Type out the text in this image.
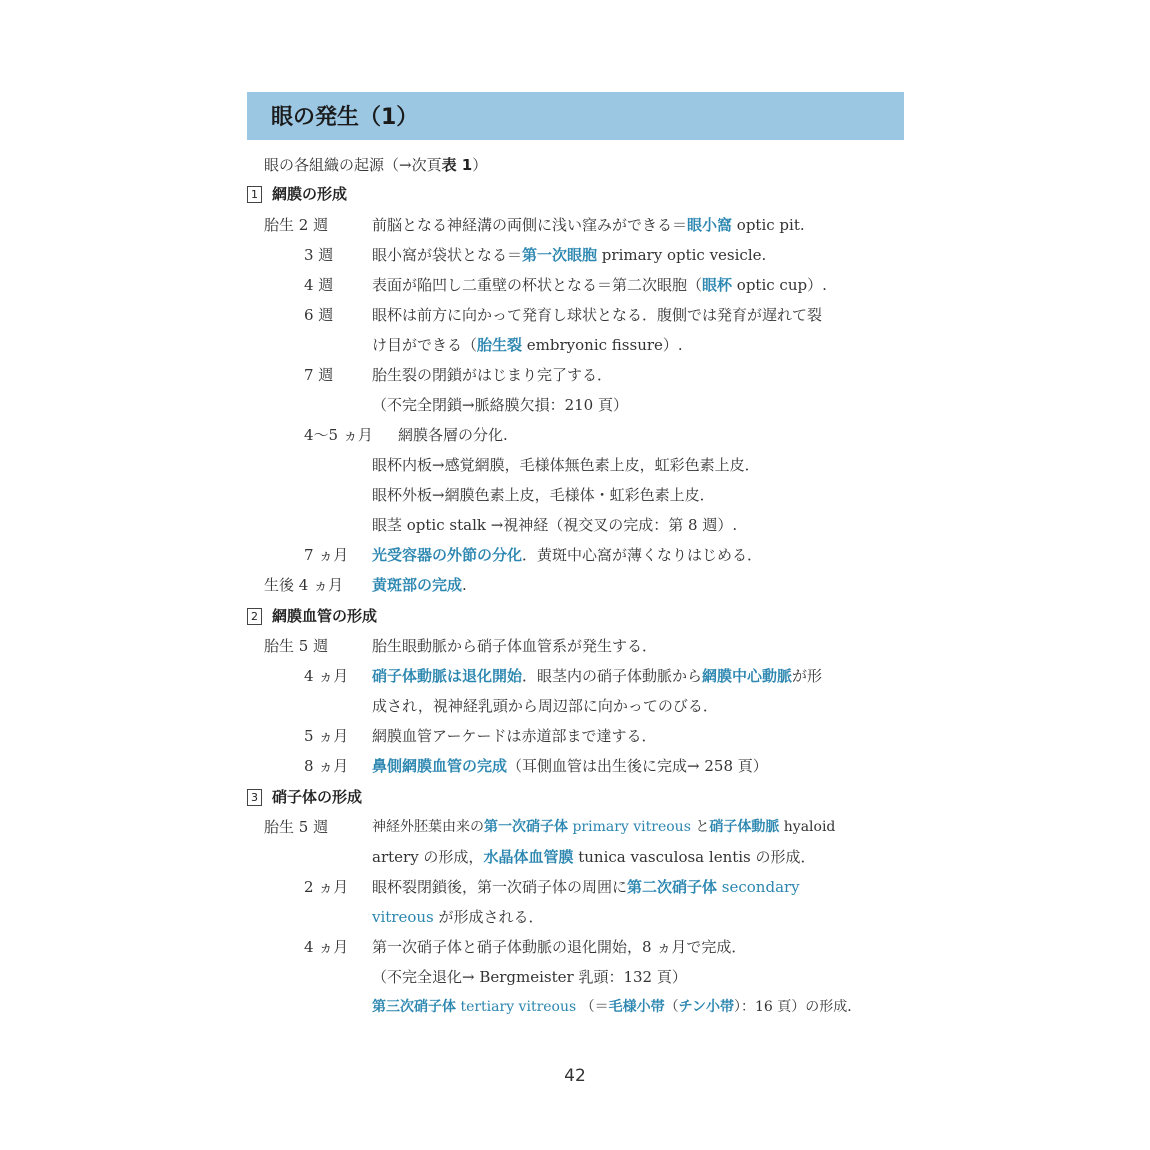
眼の発生（1）
眼の各組織の起源（→次頁表 1）
1 網膜の形成
胎生 2 週	前脳となる神経溝の両側に浅い窪みができる＝眼小窩 optic pit.
3 週	眼小窩が袋状となる＝第一次眼胞 primary optic vesicle.
4 週	表面が陥凹し二重壁の杯状となる＝第二次眼胞（眼杯 optic cup）.
6 週	眼杯は前方に向かって発育し球状となる．腹側では発育が遅れて裂
け目ができる（胎生裂 embryonic fissure）.
7 週	胎生裂の閉鎖がはじまり完了する．
（不完全閉鎖→脈絡膜欠損：210 頁）
4〜5 ヵ月 網膜各層の分化.
眼杯内板→感覚網膜，毛様体無色素上皮，虹彩色素上皮．
眼杯外板→網膜色素上皮，毛様体・虹彩色素上皮．
眼茎 optic stalk →視神経（視交叉の完成：第 8 週）.
7 ヵ月 光受容器の外節の分化．黄斑中心窩が薄くなりはじめる．
生後 4 ヵ月 黄斑部の完成.
2 網膜血管の形成
胎生 5 週	胎生眼動脈から硝子体血管系が発生する．
4 ヵ月 硝子体動脈は退化開始．眼茎内の硝子体動脈から網膜中心動脈が形
成され，視神経乳頭から周辺部に向かってのびる．
5 ヵ月 網膜血管アーケードは赤道部まで達する．
8 ヵ月 鼻側網膜血管の完成（耳側血管は出生後に完成→ 258 頁）
3 硝子体の形成
胎生 5 週	神経外胚葉由来の第一次硝子体 primary vitreous と硝子体動脈 hyaloid
artery の形成，水晶体血管膜 tunica vasculosa lentis の形成．
2 ヵ月 眼杯裂閉鎖後，第一次硝子体の周囲に第二次硝子体 secondary
vitreous が形成される．
4 ヵ月 第一次硝子体と硝子体動脈の退化開始，8 ヵ月で完成．
（不完全退化→ Bergmeister 乳頭：132 頁）
第三次硝子体 tertiary vitreous （＝毛様小帯（チン小帯）：16 頁）の形成．
42
